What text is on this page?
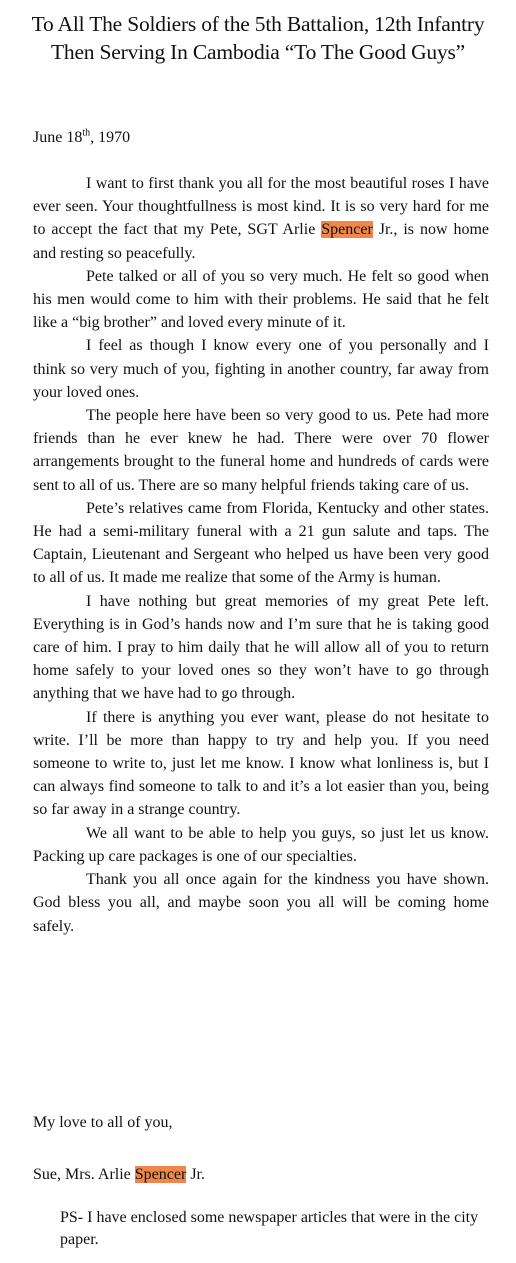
To All The Soldiers of the 5th Battalion, 12th Infantry
Then Serving In Cambodia “To The Good Guys”
June 18th, 1970

I want to first thank you all for the most beautiful roses I have ever seen. Your thoughtfullness is most kind. It is so very hard for me to accept the fact that my Pete, SGT Arlie Spencer Jr., is now home and resting so peacefully.

Pete talked or all of you so very much. He felt so good when his men would come to him with their problems. He said that he felt like a “big brother” and loved every minute of it.

I feel as though I know every one of you personally and I think so very much of you, fighting in another country, far away from your loved ones.

The people here have been so very good to us. Pete had more friends than he ever knew he had. There were over 70 flower arrangements brought to the funeral home and hundreds of cards were sent to all of us. There are so many helpful friends taking care of us.

Pete’s relatives came from Florida, Kentucky and other states. He had a semi-military funeral with a 21 gun salute and taps. The Captain, Lieutenant and Sergeant who helped us have been very good to all of us. It made me realize that some of the Army is human.

I have nothing but great memories of my great Pete left. Everything is in God’s hands now and I’m sure that he is taking good care of him. I pray to him daily that he will allow all of you to return home safely to your loved ones so they won’t have to go through anything that we have had to go through.

If there is anything you ever want, please do not hesitate to write. I’ll be more than happy to try and help you. If you need someone to write to, just let me know. I know what lonliness is, but I can always find someone to talk to and it’s a lot easier than you, being so far away in a strange country.

We all want to be able to help you guys, so just let us know. Packing up care packages is one of our specialties.

Thank you all once again for the kindness you have shown. God bless you all, and maybe soon you all will be coming home safely.

My love to all of you,
Sue, Mrs. Arlie Spencer Jr.
PS- I have enclosed some newspaper articles that were in the city paper.
